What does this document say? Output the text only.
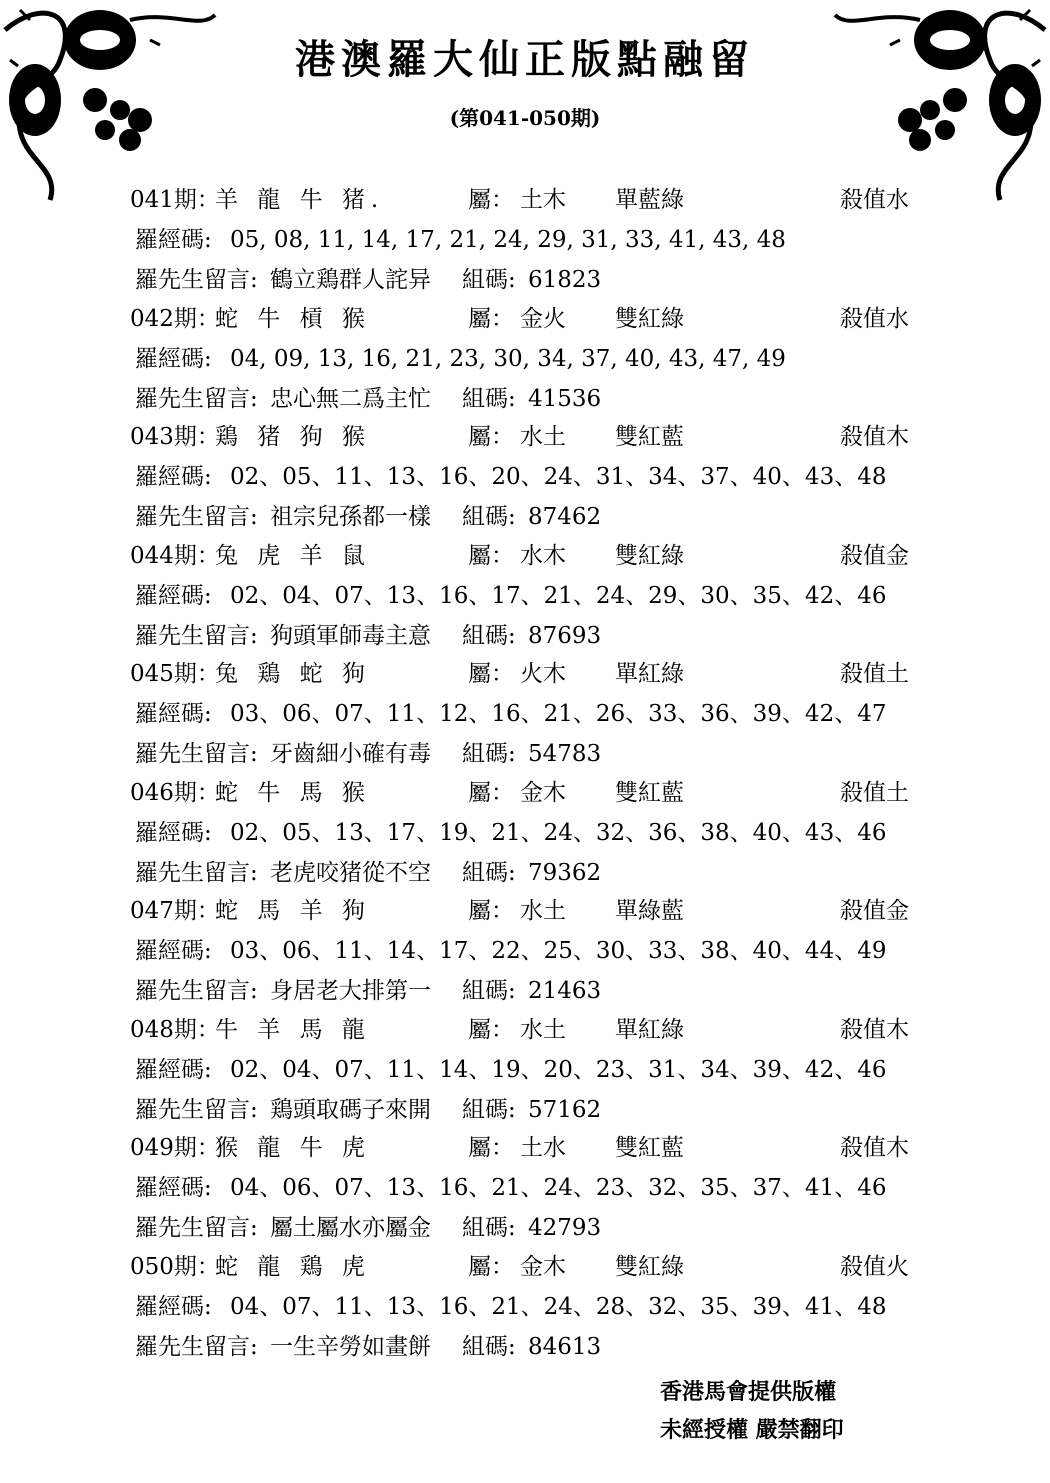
港澳羅大仙正版點融留
(第041-050期)
041期：
羊 龍 牛 猪.	屬： 土木 單藍綠	殺值水
羅經碼: 05, 08, 11, 14, 17, 21, 24, 29, 31, 33, 41, 43, 48
羅先生留言: 鶴立鶏群人詫异 組碼: 61823
042期：
蛇 牛 槓 猴	屬： 金火 雙紅綠	殺值水
羅經碼: 04, 09, 13, 16, 21, 23, 30, 34, 37, 40, 43, 47, 49
羅先生留言: 忠心無二爲主忙 組碼: 41536
043期：
鶏 猪 狗 猴	屬： 水土 雙紅藍	殺值木
羅經碼: 02、05、11、13、16、20、24、31、34、37、40、43、48
羅先生留言: 祖宗兒孫都一樣 組碼: 87462
044期：
兔 虎 羊 鼠	屬： 水木 雙紅綠	殺值金
羅經碼: 02、04、07、13、16、17、21、24、29、30、35、42、46
羅先生留言: 狗頭軍師毒主意 組碼: 87693
045期：
兔 鶏 蛇 狗	屬： 火木 單紅綠	殺值土
羅經碼: 03、06、07、11、12、16、21、26、33、36、39、42、47
羅先生留言: 牙齒細小確有毒 組碼: 54783
046期：
蛇 牛 馬 猴	屬： 金木 雙紅藍	殺值土
羅經碼: 02、05、13、17、19、21、24、32、36、38、40、43、46
羅先生留言: 老虎咬猪從不空 組碼: 79362
047期：
蛇 馬 羊 狗	屬： 水土 單綠藍	殺值金
羅經碼: 03、06、11、14、17、22、25、30、33、38、40、44、49
羅先生留言: 身居老大排第一 組碼: 21463
048期：
牛 羊 馬 龍	屬： 水土 單紅綠	殺值木
羅經碼: 02、04、07、11、14、19、20、23、31、34、39、42、46
羅先生留言: 鶏頭取碼子來開 組碼: 57162
049期：
猴 龍 牛 虎	屬： 土水 雙紅藍	殺值木
羅經碼: 04、06、07、13、16、21、24、23、32、35、37、41、46
羅先生留言: 屬土屬水亦屬金 組碼: 42793
050期：
蛇 龍 鶏 虎	屬： 金木 雙紅綠	殺值火
羅經碼: 04、07、11、13、16、21、24、28、32、35、39、41、48
羅先生留言: 一生辛勞如畫餅 組碼: 84613
香港馬會提供版權
未經授權 嚴禁翻印
